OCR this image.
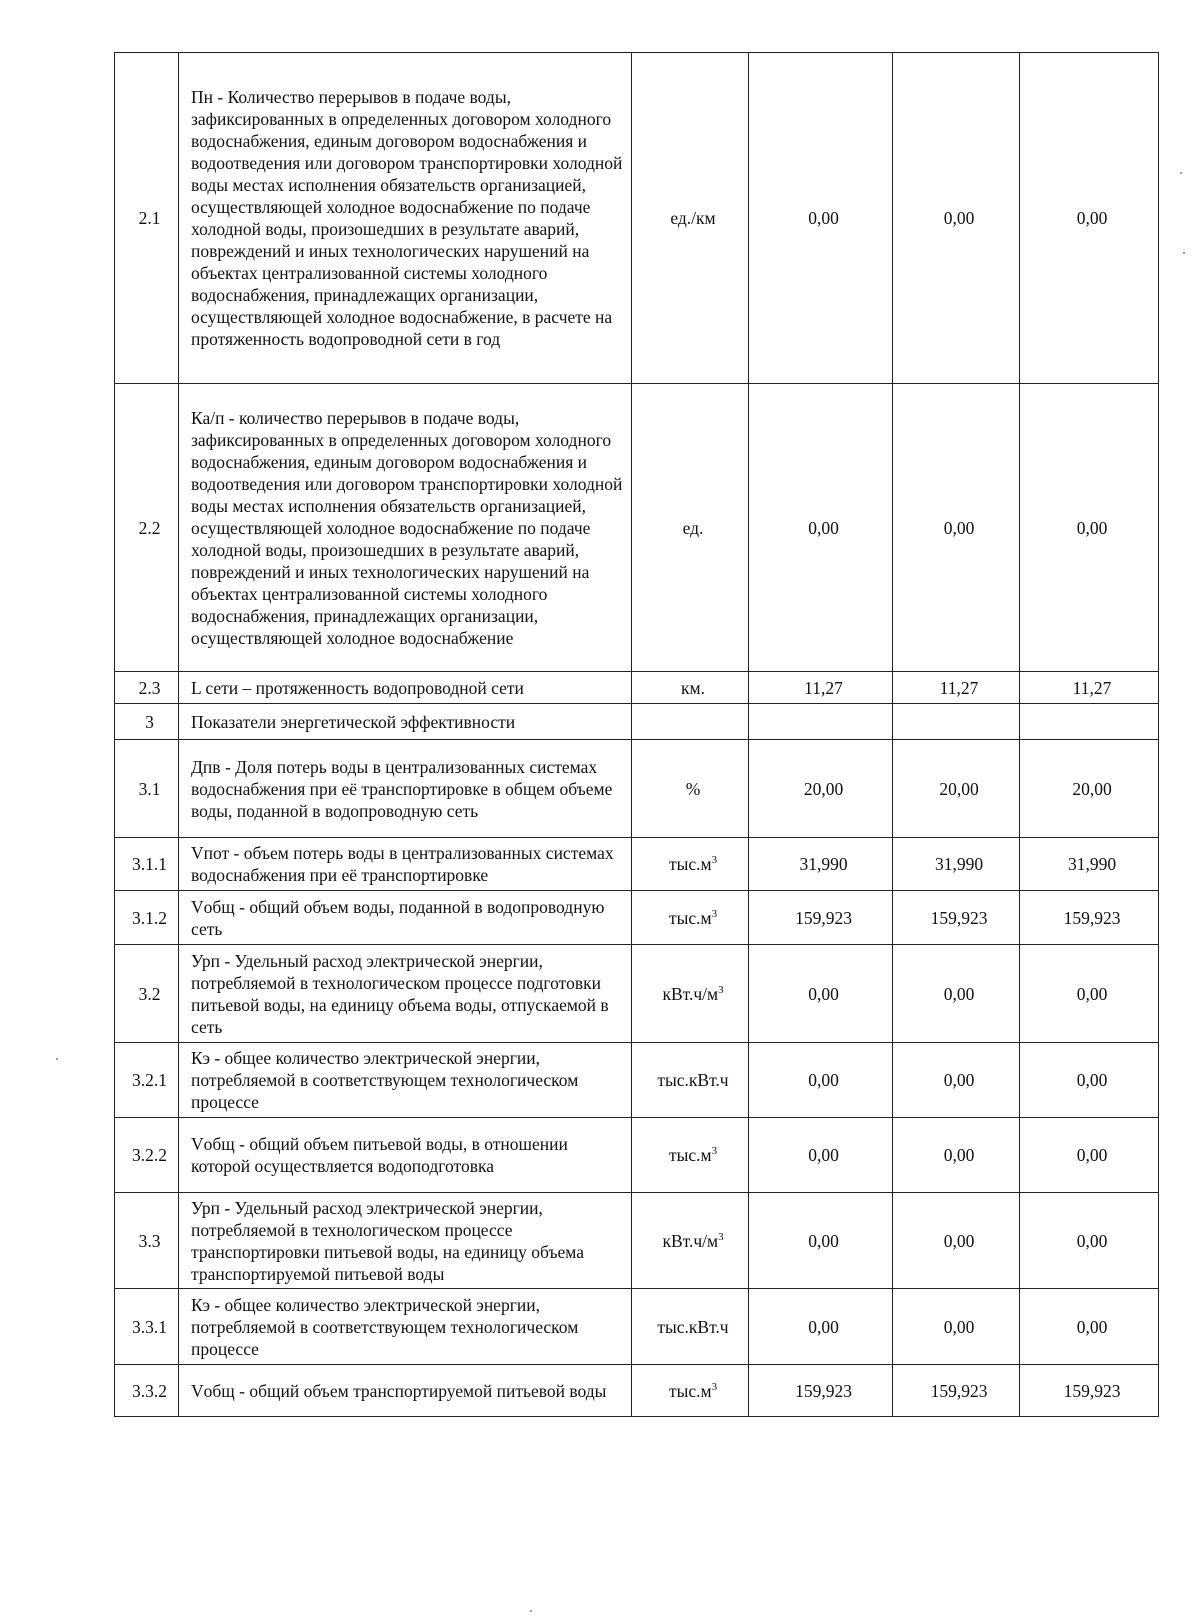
2.1	Пн - Количество перерывов в подаче воды, зафиксированных в определенных договором холодного водоснабжения, единым договором водоснабжения и водоотведения или договором транспортировки холодной воды местах исполнения обязательств организацией, осуществляющей холодное водоснабжение по подаче холодной воды, произошедших в результате аварий, повреждений и иных технологических нарушений на объектах централизованной системы холодного водоснабжения, принадлежащих организации, осуществляющей холодное водоснабжение, в расчете на протяженность водопроводной сети в год	ед./км	0,00	0,00	0,00
2.2	Ка/п - количество перерывов в подаче воды, зафиксированных в определенных договором холодного водоснабжения, единым договором водоснабжения и водоотведения или договором транспортировки холодной воды местах исполнения обязательств организацией, осуществляющей холодное водоснабжение по подаче холодной воды, произошедших в результате аварий, повреждений и иных технологических нарушений на объектах централизованной системы холодного водоснабжения, принадлежащих организации, осуществляющей холодное водоснабжение	ед.	0,00	0,00	0,00
2.3	L сети – протяженность водопроводной сети	км.	11,27	11,27	11,27
3	Показатели энергетической эффективности				
3.1	Дпв - Доля потерь воды в централизованных системах водоснабжения при её транспортировке в общем объеме воды, поданной в водопроводную сеть	%	20,00	20,00	20,00
3.1.1	Vпот - объем потерь воды в централизованных системах водоснабжения при её транспортировке	$тыс.м^3$	31,990	31,990	31,990
3.1.2	Vобщ - общий объем воды, поданной в водопроводную сеть	$тыс.м^3$	159,923	159,923	159,923
3.2	Урп - Удельный расход электрической энергии, потребляемой в технологическом процессе подготовки питьевой воды, на единицу объема воды, отпускаемой в сеть	$кВт.ч/м^3$	0,00	0,00	0,00
3.2.1	Кэ - общее количество электрической энергии, потребляемой в соответствующем технологическом процессе	тыс.кВт.ч	0,00	0,00	0,00
3.2.2	Vобщ - общий объем питьевой воды, в отношении которой осуществляется водоподготовка	$тыс.м^3$	0,00	0,00	0,00
3.3	Урп - Удельный расход электрической энергии, потребляемой в технологическом процессе транспортировки питьевой воды, на единицу объема транспортируемой питьевой воды	$кВт.ч/м^3$	0,00	0,00	0,00
3.3.1	Кэ - общее количество электрической энергии, потребляемой в соответствующем технологическом процессе	тыс.кВт.ч	0,00	0,00	0,00
3.3.2	Vобщ - общий объем транспортируемой питьевой воды	$тыс.м^3$	159,923	159,923	159,923
